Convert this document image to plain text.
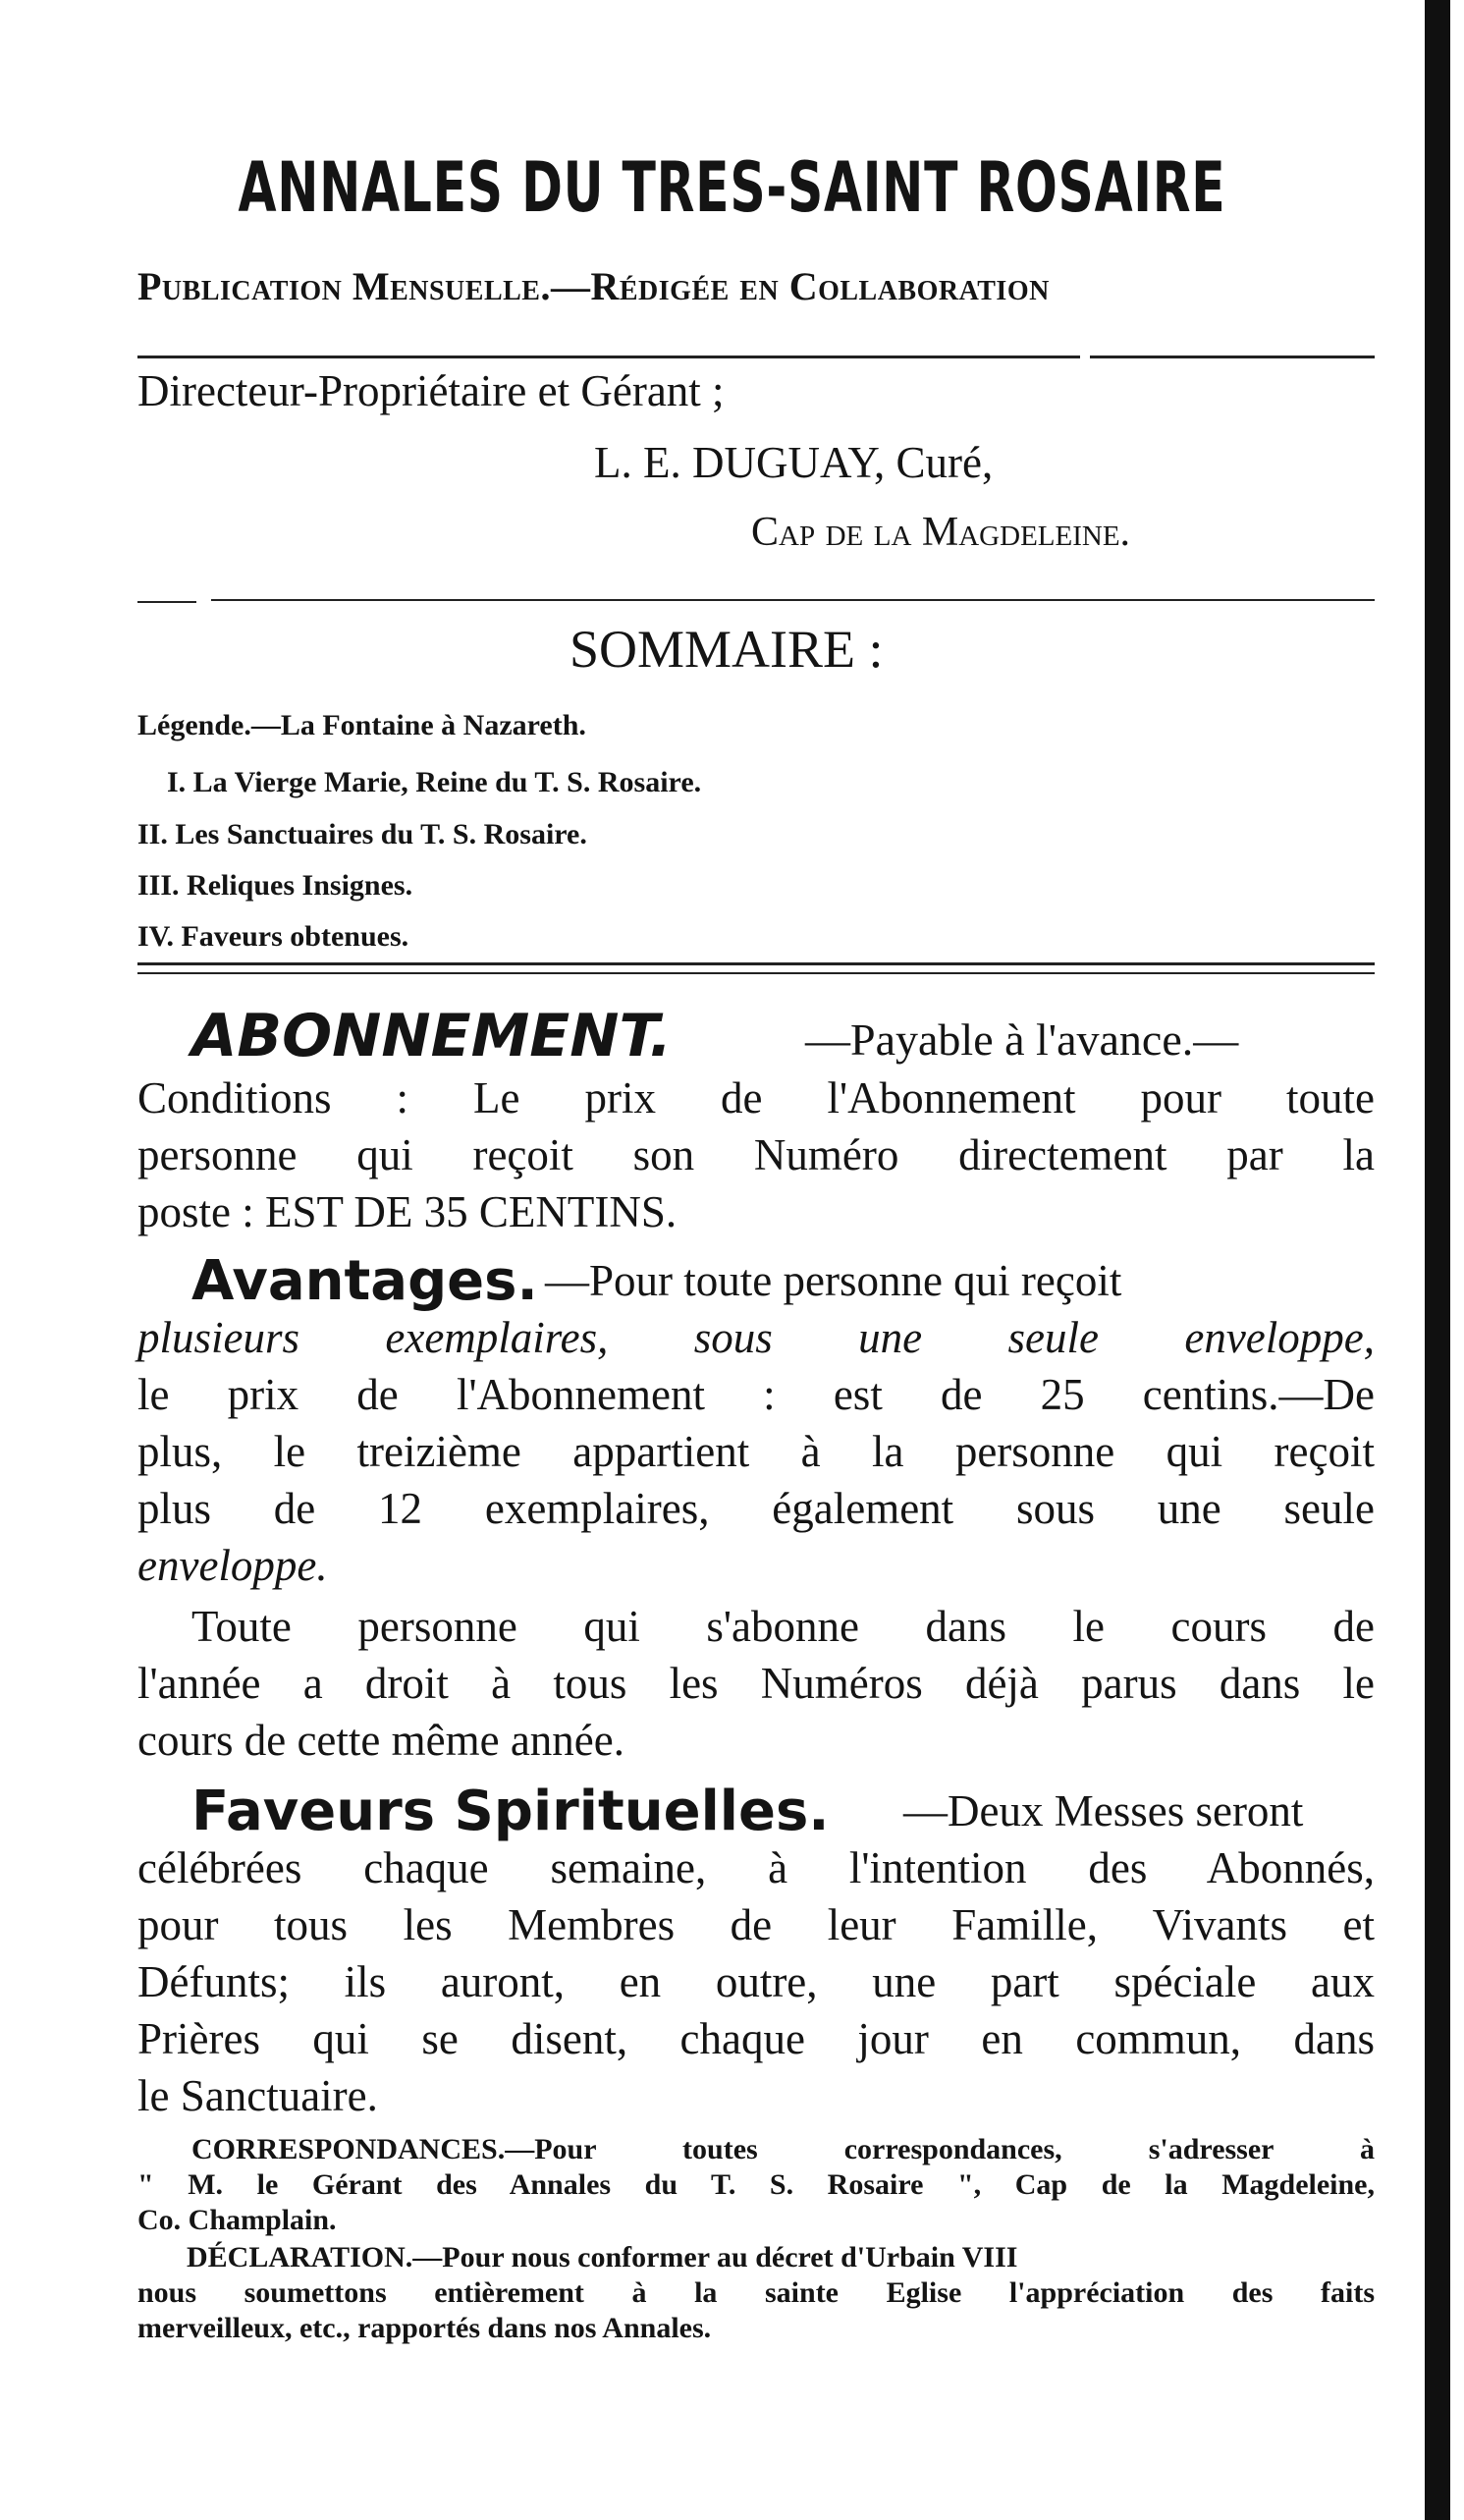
ANNALES DU TRES-SAINT ROSAIRE
Publication Mensuelle.—Rédigée en Collaboration
Directeur-Propriétaire et Gérant ;
L. E. DUGUAY, Curé,
Cap de la Magdeleine.
SOMMAIRE :
Légende.—La Fontaine à Nazareth.
I. La Vierge Marie, Reine du T. S. Rosaire.
II. Les Sanctuaires du T. S. Rosaire.
III. Reliques Insignes.
IV. Faveurs obtenues.
ABONNEMENT.	—Payable à l'avance.—
Conditions : Le prix de l'Abonnement pour toute
personne qui reçoit son Numéro directement par la
poste : EST DE 35 CENTINS.
Avantages. —Pour toute personne qui reçoit
plusieurs exemplaires, sous une seule enveloppe,
le prix de l'Abonnement : est de 25 centins.—De
plus, le treizième appartient à la personne qui reçoit
plus de 12 exemplaires, également sous une seule
enveloppe.
Toute personne qui s'abonne dans le cours de
l'année a droit à tous les Numéros déjà parus dans le
cours de cette même année.
Faveurs Spirituelles. —Deux Messes seront
célébrées chaque semaine, à l'intention des Abonnés,
pour tous les Membres de leur Famille, Vivants et
Défunts; ils auront, en outre, une part spéciale aux
Prières qui se disent, chaque jour en commun, dans
le Sanctuaire.
CORRESPONDANCES.—Pour toutes correspondances, s'adresser à
" M. le Gérant des Annales du T. S. Rosaire ", Cap de la Magdeleine,
Co. Champlain.
DÉCLARATION.—Pour nous conformer au décret d'Urbain VIII
nous soumettons entièrement à la sainte Eglise l'appréciation des faits
merveilleux, etc., rapportés dans nos Annales.
